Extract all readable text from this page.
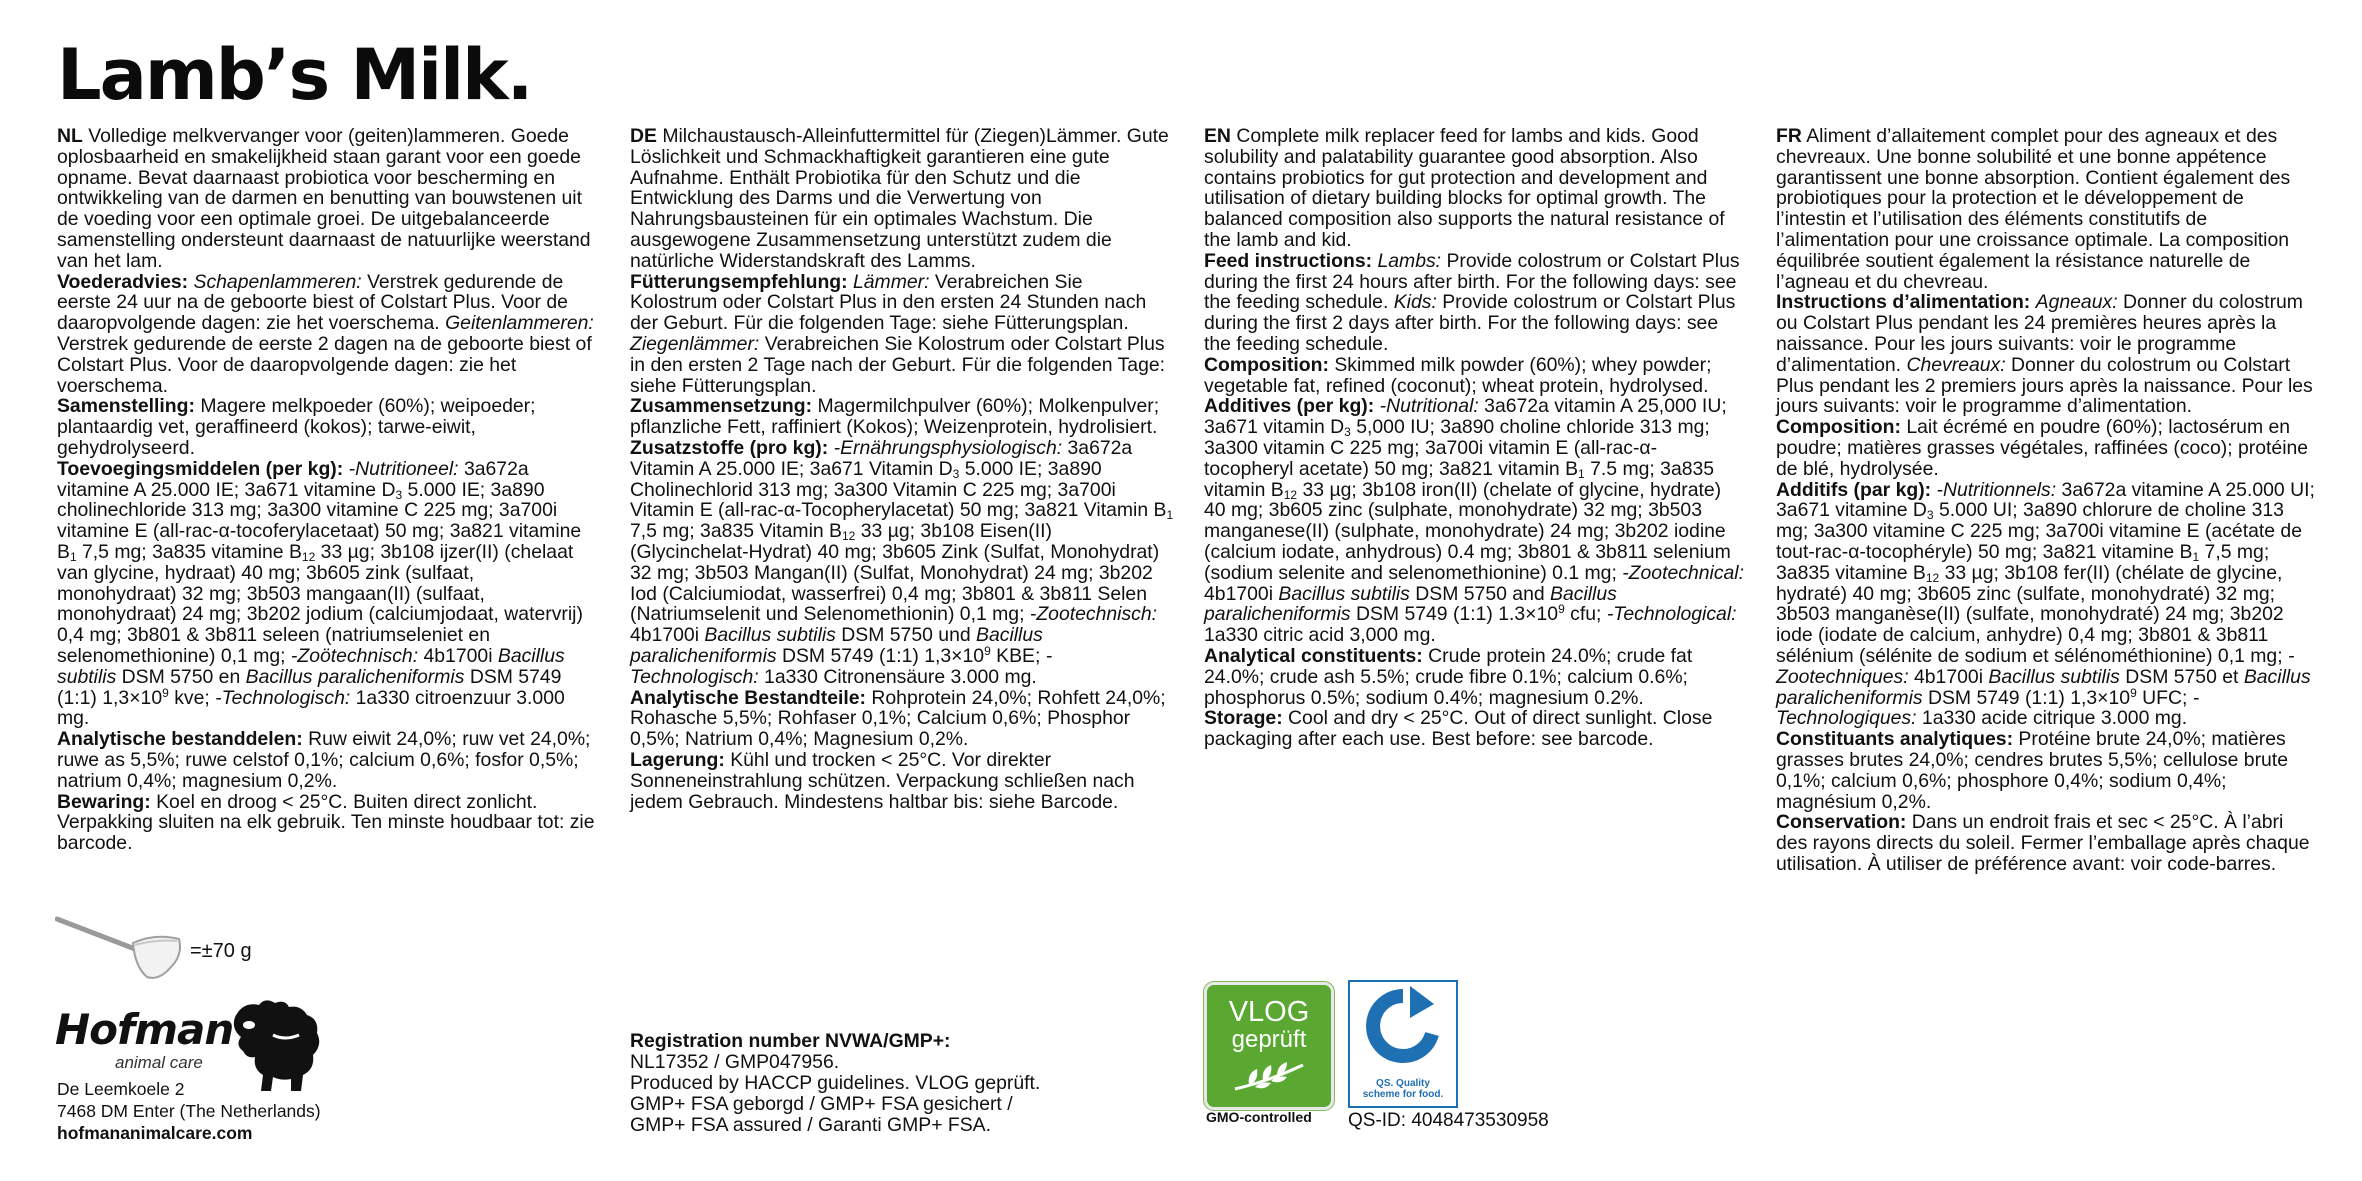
Lamb’s Milk.

NL Volledige melkvervanger voor (geiten)lammeren. Goede oplosbaarheid en smakelijkheid staan garant voor een goede opname. Bevat daarnaast probiotica voor bescherming en ontwikkeling van de darmen en benutting van bouwstenen uit de voeding voor een optimale groei. De uitgebalanceerde samenstelling ondersteunt daarnaast de natuurlijke weerstand van het lam.

Voederadvies: Schapenlammeren: Verstrek gedurende de eerste 24 uur na de geboorte biest of Colstart Plus. Voor de daaropvolgende dagen: zie het voerschema. Geitenlammeren: Verstrek gedurende de eerste 2 dagen na de geboorte biest of Colstart Plus. Voor de daaropvolgende dagen: zie het voerschema.

Samenstelling: Magere melkpoeder (60%); weipoeder; plantaardig vet, geraffineerd (kokos); tarwe-eiwit, gehydrolyseerd.

Toevoegingsmiddelen (per kg): -Nutritioneel: 3a672a vitamine A 25.000 IE; 3a671 vitamine $D_3$ 5.000 IE; 3a890 cholinechloride 313 mg; 3a300 vitamine C 225 mg; 3a700i vitamine E (all-rac-α-tocoferylacetaat) 50 mg; 3a821 vitamine $B_1$ 7,5 mg; 3a835 vitamine $B_{12}$ 33 µg; 3b108 ijzer(II) (chelaat van glycine, hydraat) 40 mg; 3b605 zink (sulfaat, monohydraat) 32 mg; 3b503 mangaan(II) (sulfaat, monohydraat) 24 mg; 3b202 jodium (calciumjodaat, watervrij) 0,4 mg; 3b801 & 3b811 seleen (natriumseleniet en selenomethionine) 0,1 mg; -Zoötechnisch: 4b1700i Bacillus subtilis DSM 5750 en Bacillus paralicheniformis DSM 5749 (1:1) $1,3\times 10^9$ kve; -Technologisch: 1a330 citroenzuur 3.000 mg.

Analytische bestanddelen: Ruw eiwit 24,0%; ruw vet 24,0%; ruwe as 5,5%; ruwe celstof 0,1%; calcium 0,6%; fosfor 0,5%; natrium 0,4%; magnesium 0,2%.

Bewaring: Koel en droog < 25°C. Buiten direct zonlicht. Verpakking sluiten na elk gebruik. Ten minste houdbaar tot: zie barcode.

DE Milchaustausch-Alleinfuttermittel für (Ziegen)Lämmer. Gute Löslichkeit und Schmackhaftigkeit garantieren eine gute Aufnahme. Enthält Probiotika für den Schutz und die Entwicklung des Darms und die Verwertung von Nahrungsbausteinen für ein optimales Wachstum. Die ausgewogene Zusammensetzung unterstützt zudem die natürliche Widerstandskraft des Lamms.

Fütterungsempfehlung: Lämmer: Verabreichen Sie Kolostrum oder Colstart Plus in den ersten 24 Stunden nach der Geburt. Für die folgenden Tage: siehe Fütterungsplan. Ziegenlämmer: Verabreichen Sie Kolostrum oder Colstart Plus in den ersten 2 Tage nach der Geburt. Für die folgenden Tage: siehe Fütterungsplan.

Zusammensetzung: Magermilchpulver (60%); Molkenpulver; pflanzliche Fett, raffiniert (Kokos); Weizenprotein, hydrolisiert.

Zusatzstoffe (pro kg): -Ernährungsphysiologisch: 3a672a Vitamin A 25.000 IE; 3a671 Vitamin $D_3$ 5.000 IE; 3a890 Cholinechlorid 313 mg; 3a300 Vitamin C 225 mg; 3a700i Vitamin E (all-rac-α-Tocopherylacetat) 50 mg; 3a821 Vitamin $B_1$ 7,5 mg; 3a835 Vitamin $B_{12}$ 33 µg; 3b108 Eisen(II) (Glycinchelat-Hydrat) 40 mg; 3b605 Zink (Sulfat, Monohydrat) 32 mg; 3b503 Mangan(II) (Sulfat, Monohydrat) 24 mg; 3b202 Iod (Calciumiodat, wasserfrei) 0,4 mg; 3b801 & 3b811 Selen (Natriumselenit und Selenomethionin) 0,1 mg; -Zootechnisch: 4b1700i Bacillus subtilis DSM 5750 und Bacillus paralicheniformis DSM 5749 (1:1) $1,3\times 10^9$ KBE; -Technologisch: 1a330 Citronensäure 3.000 mg.

Analytische Bestandteile: Rohprotein 24,0%; Rohfett 24,0%; Rohasche 5,5%; Rohfaser 0,1%; Calcium 0,6%; Phosphor 0,5%; Natrium 0,4%; Magnesium 0,2%.

Lagerung: Kühl und trocken < 25°C. Vor direkter Sonneneinstrahlung schützen. Verpackung schließen nach jedem Gebrauch. Mindestens haltbar bis: siehe Barcode.

EN Complete milk replacer feed for lambs and kids. Good solubility and palatability guarantee good absorption. Also contains probiotics for gut protection and development and utilisation of dietary building blocks for optimal growth. The balanced composition also supports the natural resistance of the lamb and kid.

Feed instructions: Lambs: Provide colostrum or Colstart Plus during the first 24 hours after birth. For the following days: see the feeding schedule. Kids: Provide colostrum or Colstart Plus during the first 2 days after birth. For the following days: see the feeding schedule.

Composition: Skimmed milk powder (60%); whey powder; vegetable fat, refined (coconut); wheat protein, hydrolysed.

Additives (per kg): -Nutritional: 3a672a vitamin A 25,000 IU; 3a671 vitamin $D_3$ 5,000 IU; 3a890 choline chloride 313 mg; 3a300 vitamin C 225 mg; 3a700i vitamin E (all-rac-α-tocopheryl acetate) 50 mg; 3a821 vitamin $B_1$ 7.5 mg; 3a835 vitamin $B_{12}$ 33 µg; 3b108 iron(II) (chelate of glycine, hydrate) 40 mg; 3b605 zinc (sulphate, monohydrate) 32 mg; 3b503 manganese(II) (sulphate, monohydrate) 24 mg; 3b202 iodine (calcium iodate, anhydrous) 0.4 mg; 3b801 & 3b811 selenium (sodium selenite and selenomethionine) 0.1 mg; -Zootechnical: 4b1700i Bacillus subtilis DSM 5750 and Bacillus paralicheniformis DSM 5749 (1:1) $1.3\times 10^9$ cfu; -Technological: 1a330 citric acid 3,000 mg.

Analytical constituents: Crude protein 24.0%; crude fat 24.0%; crude ash 5.5%; crude fibre 0.1%; calcium 0.6%; phosphorus 0.5%; sodium 0.4%; magnesium 0.2%.

Storage: Cool and dry < 25°C. Out of direct sunlight. Close packaging after each use. Best before: see barcode.

FR Aliment d’allaitement complet pour des agneaux et des chevreaux. Une bonne solubilité et une bonne appétence garantissent une bonne absorption. Contient également des probiotiques pour la protection et le développement de l’intestin et l’utilisation des éléments constitutifs de l’alimentation pour une croissance optimale. La composition équilibrée soutient également la résistance naturelle de l’agneau et du chevreau.

Instructions d’alimentation: Agneaux: Donner du colostrum ou Colstart Plus pendant les 24 premières heures après la naissance. Pour les jours suivants: voir le programme d’alimentation. Chevreaux: Donner du colostrum ou Colstart Plus pendant les 2 premiers jours après la naissance. Pour les jours suivants: voir le programme d’alimentation.

Composition: Lait écrémé en poudre (60%); lactosérum en poudre; matières grasses végétales, raffinées (coco); protéine de blé, hydrolysée.

Additifs (par kg): -Nutritionnels: 3a672a vitamine A 25.000 UI; 3a671 vitamine $D_3$ 5.000 UI; 3a890 chlorure de choline 313 mg; 3a300 vitamine C 225 mg; 3a700i vitamine E (acétate de tout-rac-α-tocophéryle) 50 mg; 3a821 vitamine $B_1$ 7,5 mg; 3a835 vitamine $B_{12}$ 33 µg; 3b108 fer(II) (chélate de glycine, hydraté) 40 mg; 3b605 zinc (sulfate, monohydraté) 32 mg; 3b503 manganèse(II) (sulfate, monohydraté) 24 mg; 3b202 iode (iodate de calcium, anhydre) 0,4 mg; 3b801 & 3b811 sélénium (sélénite de sodium et sélénométhionine) 0,1 mg; -Zootechniques: 4b1700i Bacillus subtilis DSM 5750 et Bacillus paralicheniformis DSM 5749 (1:1) $1,3\times 10^9$ UFC; -Technologiques: 1a330 acide citrique 3.000 mg.

Constituants analytiques: Protéine brute 24,0%; matières grasses brutes 24,0%; cendres brutes 5,5%; cellulose brute 0,1%; calcium 0,6%; phosphore 0,4%; sodium 0,4%; magnésium 0,2%.

Conservation: Dans un endroit frais et sec < 25°C. À l’abri des rayons directs du soleil. Fermer l’emballage après chaque utilisation. À utiliser de préférence avant: voir code-barres.

=±70 g
Hofman
animal care

De Leemkoele 2

7468 DM Enter (The Netherlands)

hofmananimalcare.com

Registration number NVWA/GMP+:

NL17352 / GMP047956.

Produced by HACCP guidelines. VLOG geprüft.

GMP+ FSA geborgd / GMP+ FSA gesichert /

GMP+ FSA assured / Garanti GMP+ FSA.

VLOG
geprüft
GMO-controlled
QS. Quality
scheme for food.
QS-ID: 4048473530958
